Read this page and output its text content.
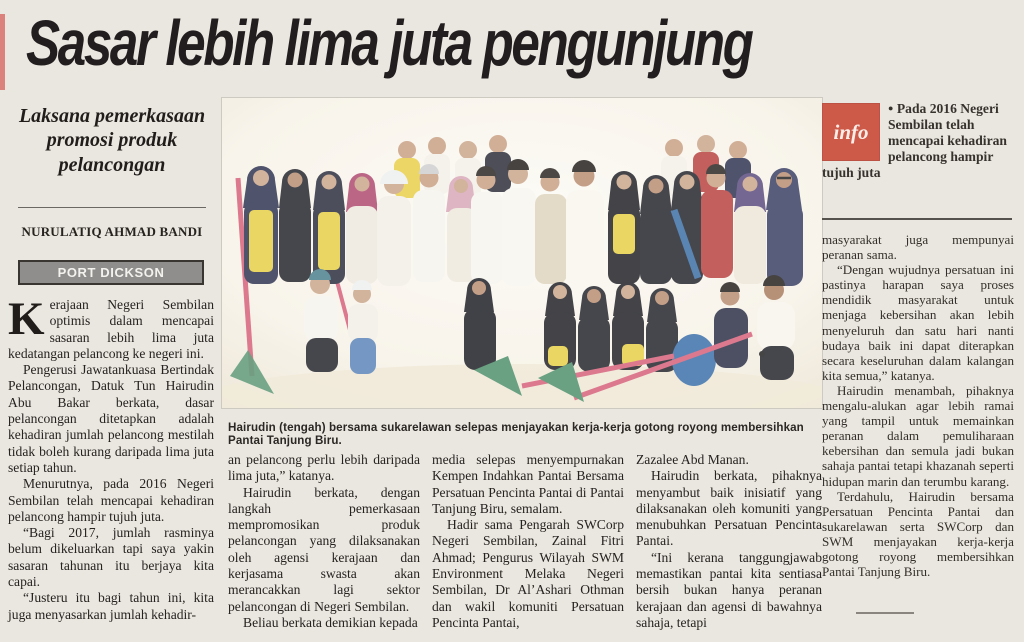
Sasar lebih lima juta pengunjung
Laksana pemerkasaan promosi produk pelancongan
NURULATIQ AHMAD BANDI
PORT DICKSON

Kerajaan Negeri Sembilan optimis dalam mencapai sasaran lebih lima juta kedatangan pelancong ke negeri ini.

Pengerusi Jawatankuasa Bertindak Pelancongan, Datuk Tun Hairudin Abu Bakar berkata, dasar pelancongan ditetapkan adalah kehadiran jumlah pelancong mestilah tidak boleh kurang daripada lima juta setiap tahun.

Menurutnya, pada 2016 Negeri Sembilan telah mencapai kehadiran pelancong hampir tujuh juta.

“Bagi 2017, jumlah rasminya belum dikeluarkan tapi saya yakin sasaran tahunan itu berjaya kita capai.

“Justeru itu bagi tahun ini, kita juga menyasarkan jumlah kehadir-

Hairudin (tengah) bersama sukarelawan selepas menjayakan kerja-kerja gotong royong membersihkan Pantai Tanjung Biru.

an pelancong perlu lebih daripada lima juta,” katanya.

Hairudin berkata, dengan langkah pemerkasaan mempromosikan produk pelancongan yang dilaksanakan oleh agensi kerajaan dan kerjasama swasta akan merancakkan lagi sektor pelancongan di Negeri Sembilan.

Beliau berkata demikian kepada

media selepas menyempurnakan Kempen Indahkan Pantai Bersama Persatuan Pencinta Pantai di Pantai Tanjung Biru, semalam.

Hadir sama Pengarah SWCorp Negeri Sembilan, Zainal Fitri Ahmad; Pengurus Wilayah SWM Environment Melaka Negeri Sembilan, Dr Al’Ashari Othman dan wakil komuniti Persatuan Pencinta Pantai,

Zazalee Abd Manan.

Hairudin berkata, pihaknya menyambut baik inisiatif yang dilaksanakan oleh komuniti yang menubuhkan Persatuan Pencinta Pantai.

“Ini kerana tanggungjawab memastikan pantai kita sentiasa bersih bukan hanya peranan kerajaan dan agensi di bawahnya sahaja, tetapi

info
● Pada 2016 Negeri Sembilan telah mencapai kehadiran pelancong hampir tujuh juta

masyarakat juga mempunyai peranan sama.

“Dengan wujudnya persatuan ini pastinya harapan saya proses mendidik masyarakat untuk menjaga kebersihan akan lebih menyeluruh dan satu hari nanti budaya baik ini dapat diterapkan secara keseluruhan dalam kalangan kita semua,” katanya.

Hairudin menambah, pihaknya mengalu-alukan agar lebih ramai yang tampil untuk memainkan peranan dalam pemuliharaan kebersihan dan semula jadi bukan sahaja pantai tetapi khazanah seperti hidupan marin dan terumbu karang.

Terdahulu, Hairudin bersama Persatuan Pencinta Pantai dan sukarelawan serta SWCorp dan SWM menjayakan kerja-kerja gotong royong membersihkan Pantai Tanjung Biru.
